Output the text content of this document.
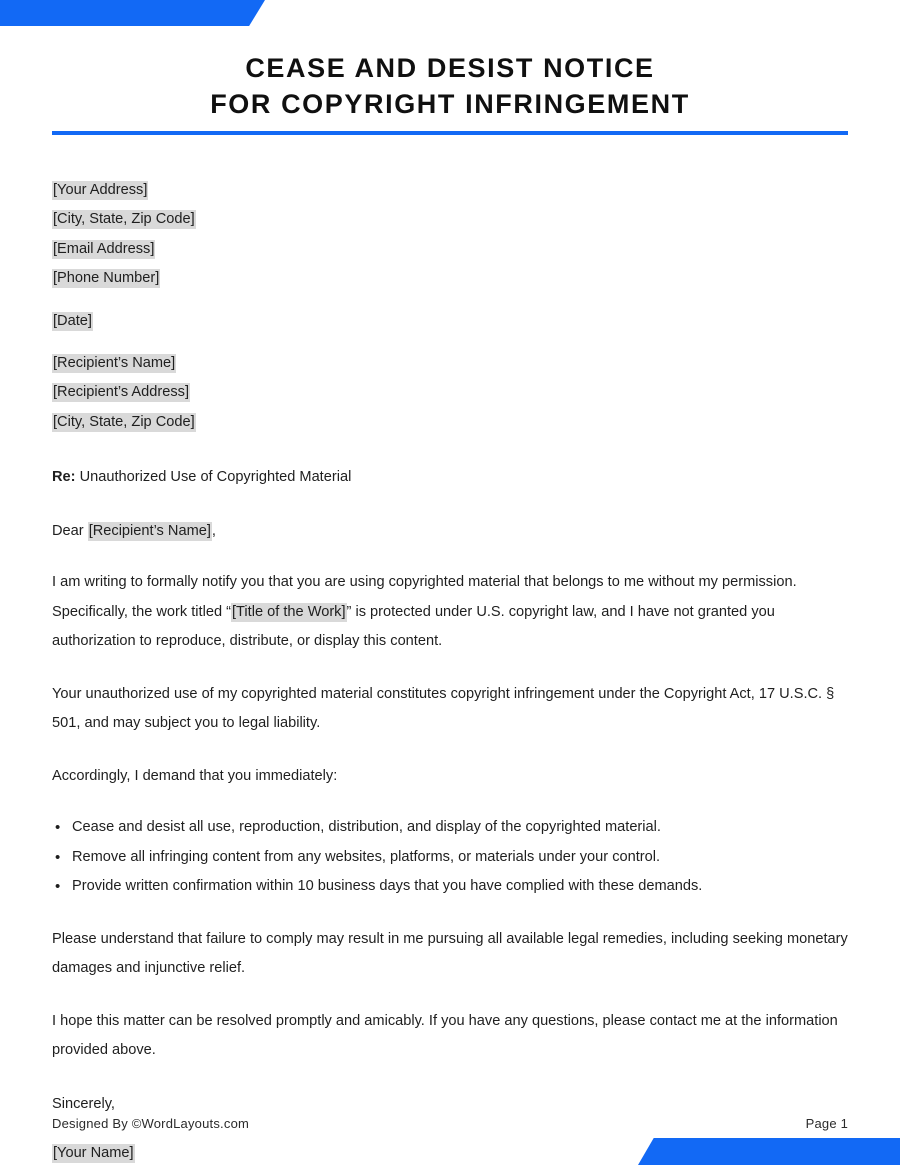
CEASE AND DESIST NOTICE
FOR COPYRIGHT INFRINGEMENT
[Your Address]
[City, State, Zip Code]
[Email Address]
[Phone Number]
[Date]
[Recipient’s Name]
[Recipient’s Address]
[City, State, Zip Code]
Re: Unauthorized Use of Copyrighted Material
Dear [Recipient’s Name],

I am writing to formally notify you that you are using copyrighted material that belongs to me without my permission. Specifically, the work titled “[Title of the Work]” is protected under U.S. copyright law, and I have not granted you authorization to reproduce, distribute, or display this content.

Your unauthorized use of my copyrighted material constitutes copyright infringement under the Copyright Act, 17 U.S.C. § 501, and may subject you to legal liability.

Accordingly, I demand that you immediately:

• Cease and desist all use, reproduction, distribution, and display of the copyrighted material.
• Remove all infringing content from any websites, platforms, or materials under your control.
• Provide written confirmation within 10 business days that you have complied with these demands.

Please understand that failure to comply may result in me pursuing all available legal remedies, including seeking monetary damages and injunctive relief.

I hope this matter can be resolved promptly and amicably. If you have any questions, please contact me at the information provided above.

Sincerely,
[Your Name]
Designed By ©WordLayouts.com	Page 1
